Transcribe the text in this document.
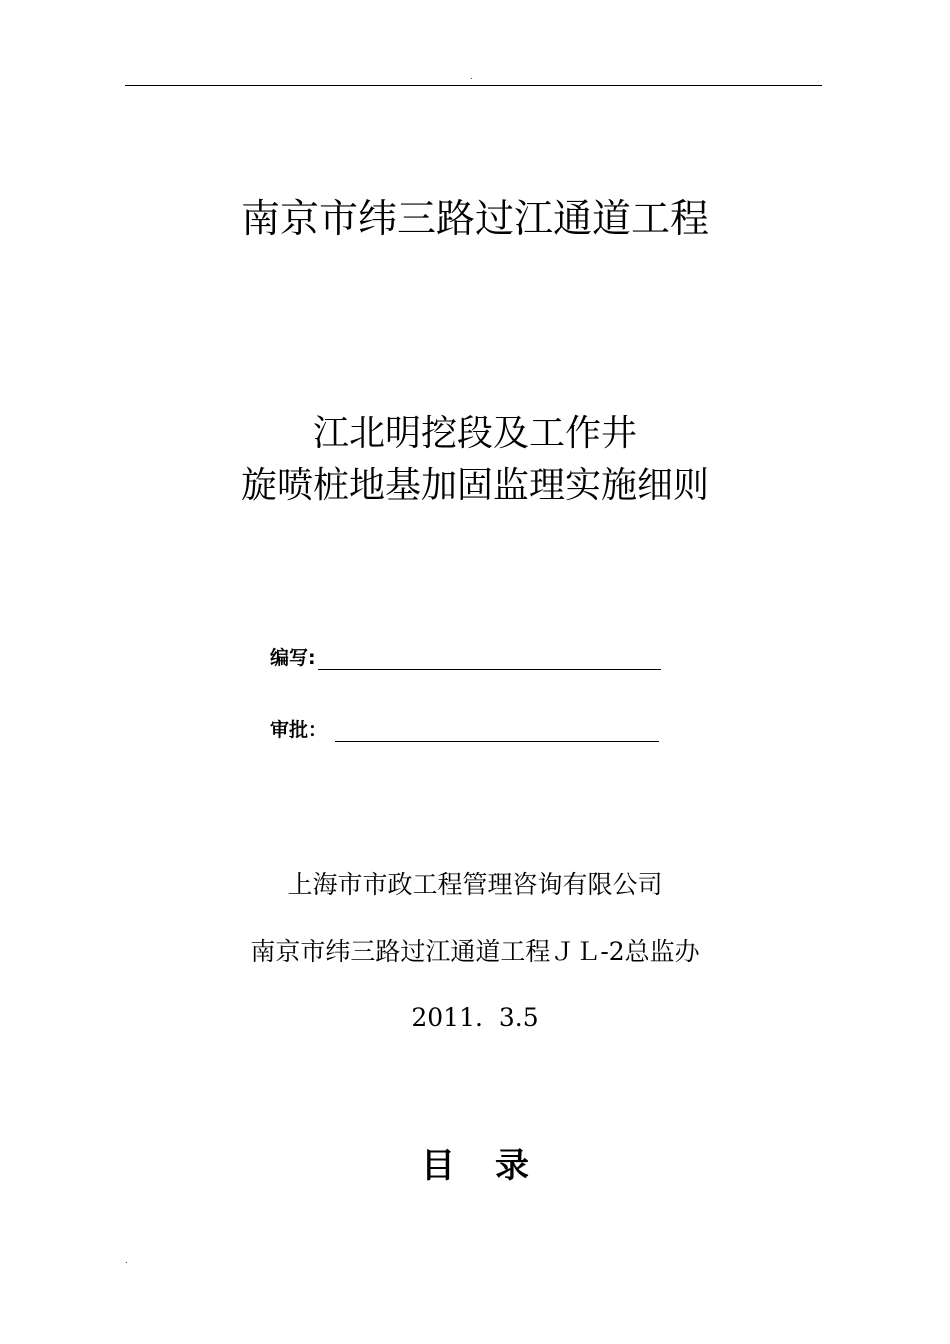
.
南京市纬三路过江通道工程
江北明挖段及工作井
旋喷桩地基加固监理实施细则
编写:
审批：
上海市市政工程管理咨询有限公司
南京市纬三路过江通道工程ＪＬ-2总监办
2011.  3.5
目 录
.
